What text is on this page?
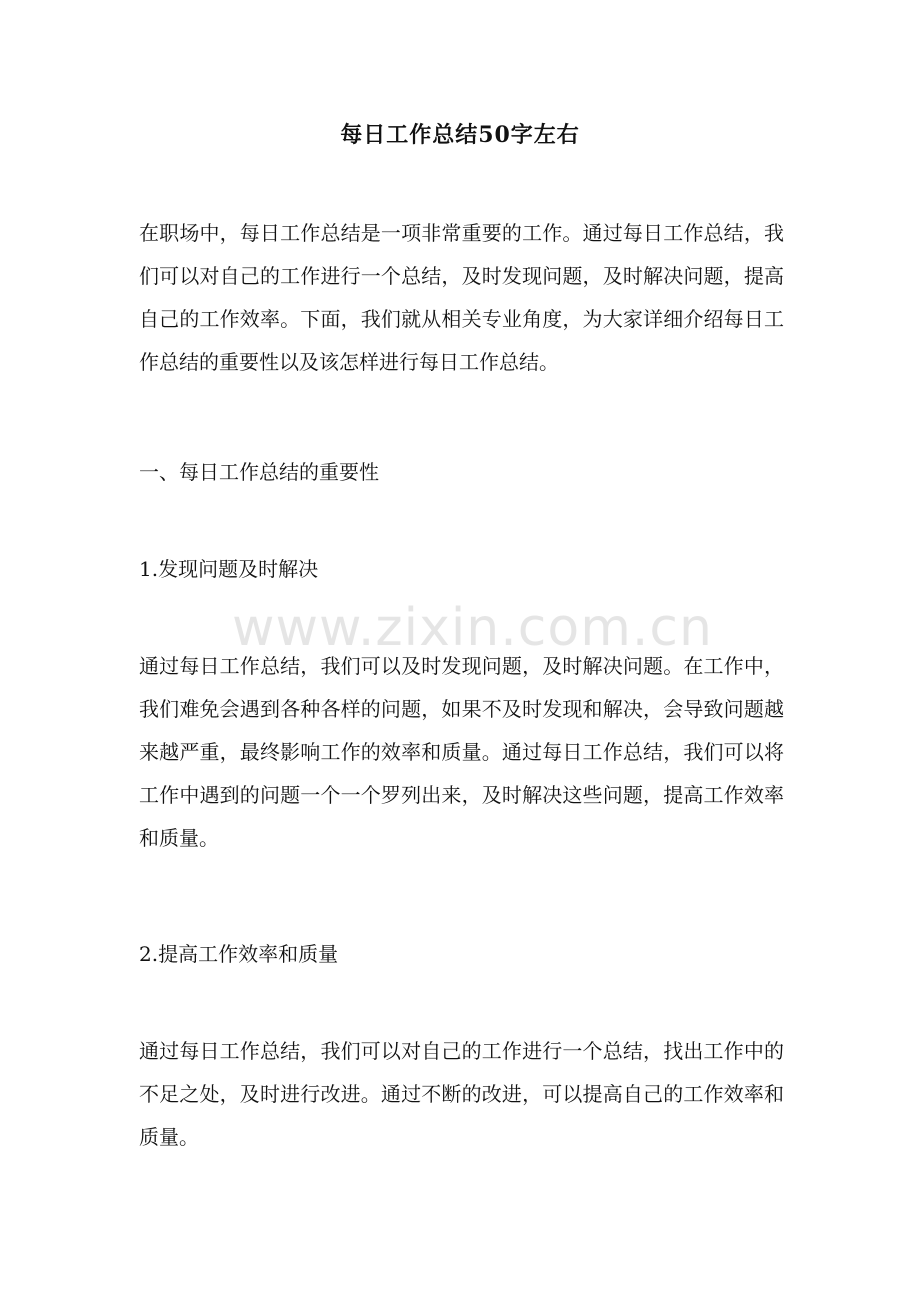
每日工作总结50字左右

在职场中，每日工作总结是一项非常重要的工作。通过每日工作总结，我们可以对自己的工作进行一个总结，及时发现问题，及时解决问题，提高自己的工作效率。下面，我们就从相关专业角度，为大家详细介绍每日工作总结的重要性以及该怎样进行每日工作总结。

一、每日工作总结的重要性

1.发现问题及时解决

通过每日工作总结，我们可以及时发现问题，及时解决问题。在工作中，我们难免会遇到各种各样的问题，如果不及时发现和解决，会导致问题越来越严重，最终影响工作的效率和质量。通过每日工作总结，我们可以将工作中遇到的问题一个一个罗列出来，及时解决这些问题，提高工作效率和质量。

2.提高工作效率和质量

通过每日工作总结，我们可以对自己的工作进行一个总结，找出工作中的不足之处，及时进行改进。通过不断的改进，可以提高自己的工作效率和质量。

www.zixin.com.cn
